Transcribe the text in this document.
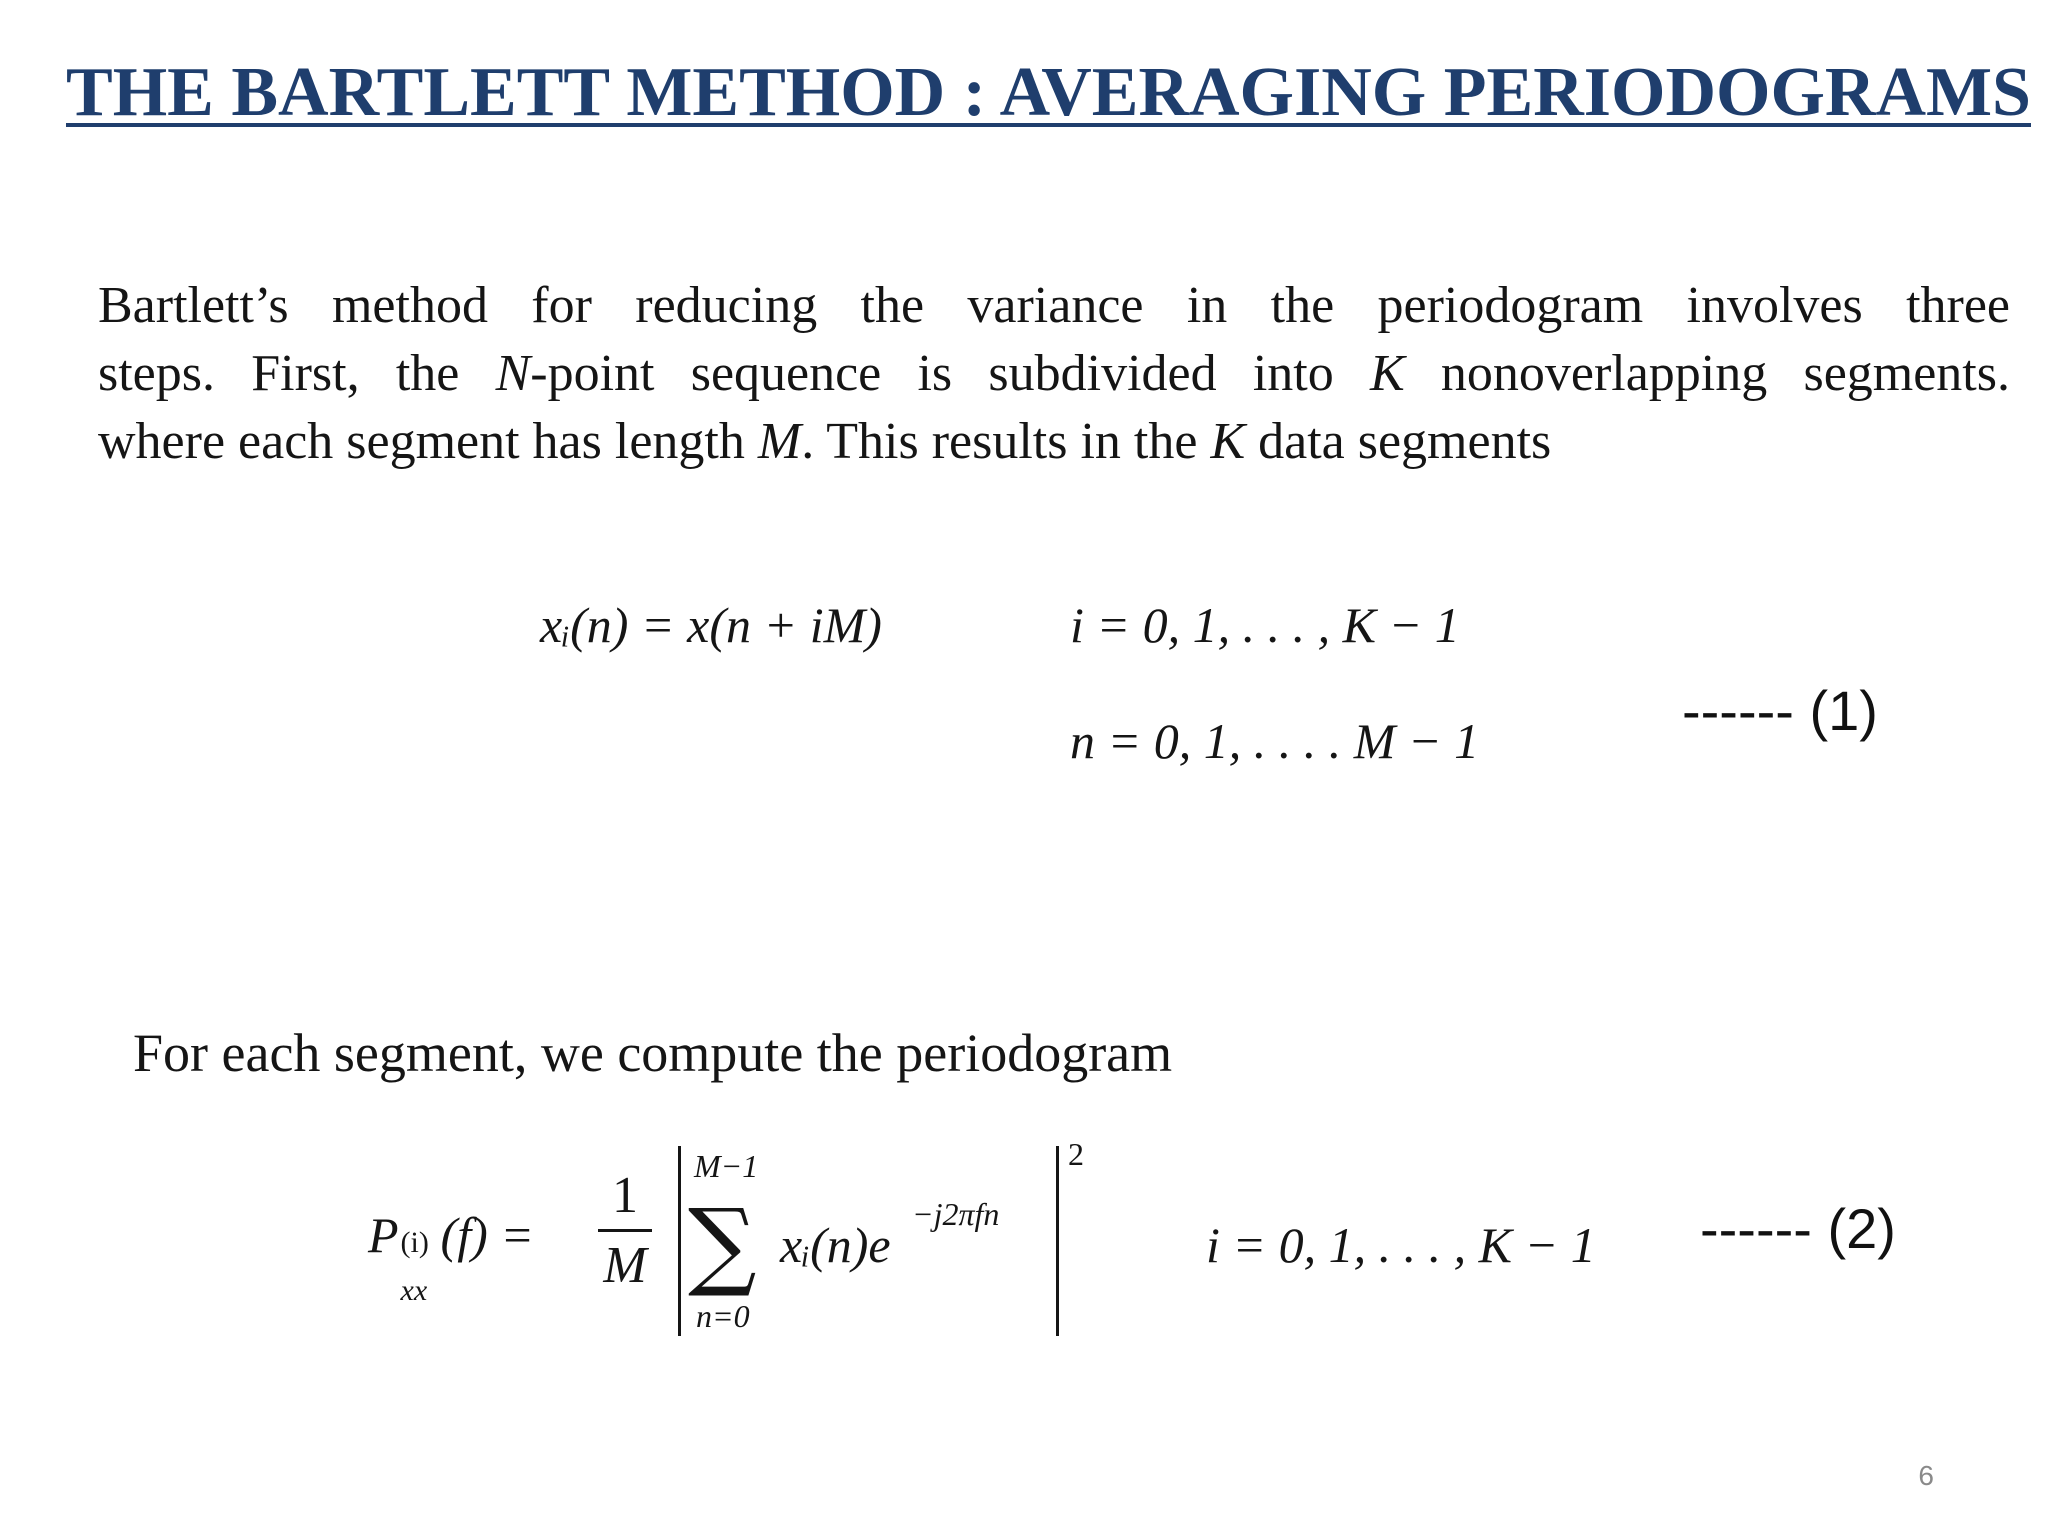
THE BARTLETT METHOD : AVERAGING PERIODOGRAMS
Bartlett’s method for reducing the variance in the periodogram involves three
steps. First, the N-point sequence is subdivided into K nonoverlapping segments.
where each segment has length M. This results in the K data segments
xᵢ(n) = x(n + iM)	i = 0, 1, . . . , K − 1
n = 0, 1, . . . . M − 1	------ (1)
For each segment, we compute the periodogram
P (i)
xx
(f) =
1
M
M−1
∑
n=0
xᵢ(n)e
−j2πfn
2
i = 0, 1, . . . , K − 1 ------ (2)
6
